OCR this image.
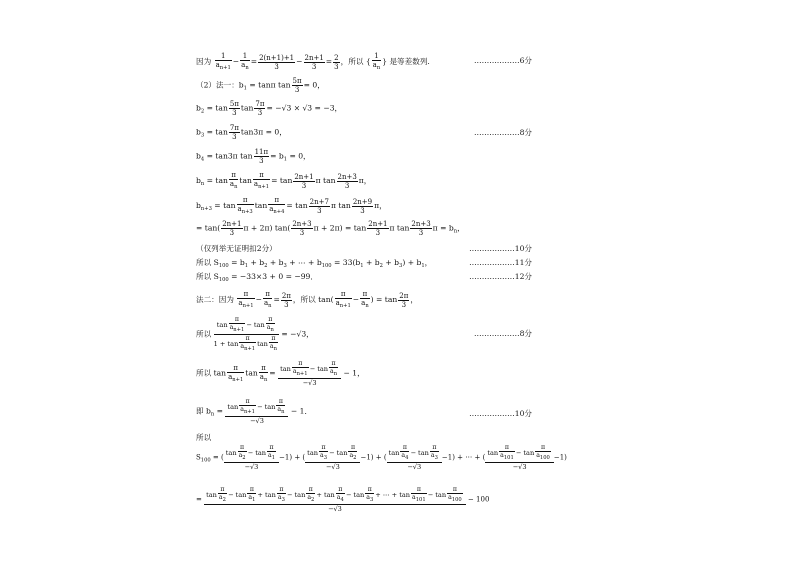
因为 $\frac{1}{a_{n+1}} - \frac{1}{a_n} = \frac{2(n+1)+1}{3} - \frac{2n+1}{3} = \frac{2}{3}$ ，所以 { $\frac{1}{a_n}$ } 是等差数列.	………………6分
（2）法一：$b_1 = \tan\pi$ $\tan \frac{5\pi}{3} = 0$，
$b_2 = \tan \frac{5\pi}{3}$ $\tan \frac{7\pi}{3} = -√3 \times √3 = -3$，
$b_3 = \tan \frac{7\pi}{3} \tan 3\pi = 0$，	………………8分
$b_4 = \tan 3\pi$ $\tan \frac{11\pi}{3} = b_1 = 0$，
$b_n = \tan \frac{\pi}{a_n}$ $\tan \frac{\pi}{a_{n+1}} = \tan \frac{2n+1}{3}$ π $\tan \frac{2n+3}{3}$ π，
$b_{n+3} = \tan \frac{\pi}{a_{n+3}}$ $\tan \frac{\pi}{a_{n+4}} = \tan \frac{2n+7}{3}$ π $\tan \frac{2n+9}{3}$ π，
= $\tan( \frac{2n+1}{3}$ π + 2π) $\tan( \frac{2n+3}{3}$ $\pi + 2\pi) = \tan \frac{2n+1}{3}$ π $\tan \frac{2n+3}{3}$ $\pi = b_n$，
（仅列举无证明扣2分）	………………10分
所以 $S_{100} = b_1 + b_2 + b_3$ + ⋯ + $b_{100} = 33(b_1 + b_2 + b_3) + b_1$，	………………11分
所以 $S_{100} = -33\times 3 + 0 = -99$．	………………12分
法二：因为 $\frac{\pi}{a_{n+1}} - \frac{\pi}{a_n} = \frac{2\pi}{3}$ ，所以 $\tan( \frac{\pi}{a_{n+1}} - \frac{\pi}{a_n}$ ) = $\tan \frac{2\pi}{3}$ ，
所以
$\tan \frac{\pi}{a_{n+1}} - \tan \frac{\pi}{a_n}$
$1 + \tan \frac{\pi}{a_{n+1}}$ $\tan \frac{\pi}{a_n}$
= −√3，	………………8分
所以 $\tan \frac{\pi}{a_{n+1}}$ $\tan \frac{\pi}{a_n} = \tan \frac{\pi}{a_{n+1}} - \tan \frac{\pi}{a_n}$
−√3
− 1，
即 $b_n = \tan \frac{\pi}{a_{n+1}} - \tan \frac{\pi}{a_n}$
−√3
− 1．	………………10分
所以
$S_{100}$ = ( $\frac{\tan \frac{\pi}{a_2} - \tan \frac{\pi}{a_1}}{-√3} -1$) + ( $\frac{\tan \frac{\pi}{a_3} - \tan \frac{\pi}{a_2}}{-√3} -1$) + ( $\frac{\tan \frac{\pi}{a_4} - \tan \frac{\pi}{a_3}}{-√3} -1$) + ⋯ + ( $\frac{\tan \frac{\pi}{a_{101}} - \tan \frac{\pi}{a_{100}}}{-√3} -1$)
=
$\tan \frac{\pi}{a_2} - \tan \frac{\pi}{a_1} + \tan \frac{\pi}{a_3} - \tan \frac{\pi}{a_2} + \tan \frac{\pi}{a_4} - \tan \frac{\pi}{a_3}$ + ⋯ + $\tan \frac{\pi}{a_{101}} - \tan \frac{\pi}{a_{100}}$
−√3
− 100
